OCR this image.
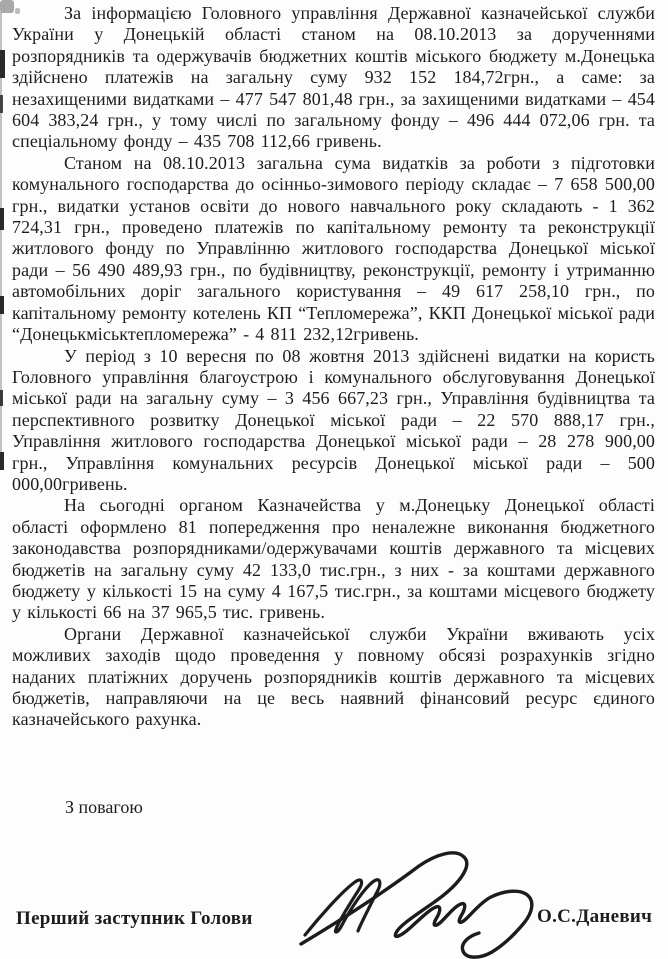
За інформацією Головного управління Державної казначейської служби України у Донецькій області станом на 08.10.2013 за дорученнями розпорядників та одержувачів бюджетних коштів міського бюджету м.Донецька здійснено платежів на загальну суму 932 152 184,72грн., а саме: за незахищеними видатками – 477 547 801,48 грн., за захищеними видатками – 454 604 383,24 грн., у тому числі по загальному фонду – 496 444 072,06 грн. та спеціальному фонду – 435 708 112,66 гривень.

Станом на 08.10.2013 загальна сума видатків за роботи з підготовки комунального господарства до осінньо-зимового періоду складає – 7 658 500,00 грн., видатки установ освіти до нового навчального року складають - 1 362 724,31 грн., проведено платежів по капітальному ремонту та реконструкції житлового фонду по Управлінню житлового господарства Донецької міської ради – 56 490 489,93 грн., по будівництву, реконструкції, ремонту і утриманню автомобільних доріг загального користування – 49 617 258,10 грн., по капітальному ремонту котелень КП “Тепломережа”, ККП Донецької міської ради “Донецькміськтепломережа” - 4 811 232,12гривень.

У період з 10 вересня по 08 жовтня 2013 здійснені видатки на користь Головного управління благоустрою і комунального обслуговування Донецької міської ради на загальну суму – 3 456 667,23 грн., Управління будівництва та перспективного розвитку Донецької міської ради – 22 570 888,17 грн., Управління житлового господарства Донецької міської ради – 28 278 900,00 грн., Управління комунальних ресурсів Донецької міської ради – 500 000,00гривень.

На сьогодні органом Казначейства у м.Донецьку Донецької області області оформлено 81 попередження про неналежне виконання бюджетного законодавства розпорядниками/одержувачами коштів державного та місцевих бюджетів на загальну суму 42 133,0 тис.грн., з них - за коштами державного бюджету у кількості 15 на суму 4 167,5 тис.грн., за коштами місцевого бюджету у кількості 66 на 37 965,5 тис. гривень.

Органи Державної казначейської служби України вживають усіх можливих заходів щодо проведення у повному обсязі розрахунків згідно наданих платіжних доручень розпорядників коштів державного та місцевих бюджетів, направляючи на це весь наявний фінансовий ресурс єдиного казначейського рахунка.

З повагою
Перший заступник Голови	О.С.Даневич
